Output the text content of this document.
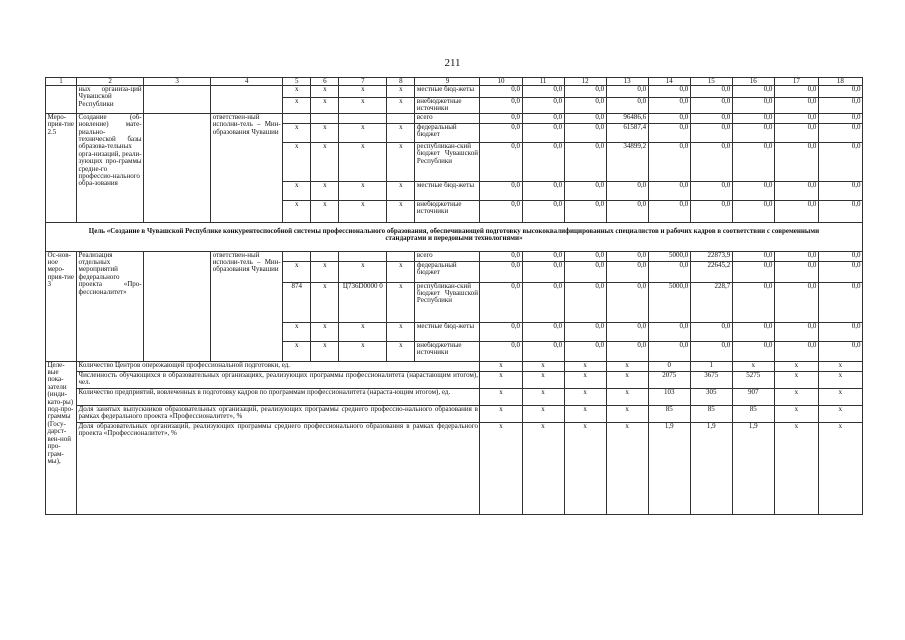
211
1	2	3	4	5	6	7	8	9	10	11	12	13	14	15	16	17	18
	ных организа-ций Чувашской Республики			х	х	х	х	местные бюд-жеты	0,0	0,0	0,0	0,0	0,0	0,0	0,0	0,0	0,0
				х	х	х	х	внебюджетные источники	0,0	0,0	0,0	0,0	0,0	0,0	0,0	0,0	0,0
Меро-прия-тие 2.5	Создание (об-новление) мате-риально-технической базы образова-тельных орга-низаций, реали-зующих про-граммы средне-го профессио-нального обра-зования		ответствен-ный исполни-тель – Мин-образования Чувашии					всего	0,0	0,0	0,0	96486,6	0,0	0,0	0,0	0,0	0,0
				х	х	х	х	федеральный бюджет	0,0	0,0	0,0	61587,4	0,0	0,0	0,0	0,0	0,0
				х	х	х	х	республикан-ский бюджет Чувашской Республики	0,0	0,0	0,0	34899,2	0,0	0,0	0,0	0,0	0,0
				х	х	х	х	местные бюд-жеты	0,0	0,0	0,0	0,0	0,0	0,0	0,0	0,0	0,0
				х	х	х	х	внебюджетные источники	0,0	0,0	0,0	0,0	0,0	0,0	0,0	0,0	0,0
Цель «Создание в Чувашской Республике конкурентоспособной системы профессионального образования, обеспечивающей подготовку высококвалифицированных специалистов и рабочих кадров в соответствии с современными стандартами и передовыми технологиями»																	
Ос-нов-ное меро-прия-тие 3	Реализация отдельных мероприятий федерального проекта «Про-фессионалитет»		ответствен-ный исполни-тель – Мин-образования Чувашии					всего	0,0	0,0	0,0	0,0	5000,0	22873,9	0,0	0,0	0,0
				х	х	х	х	федеральный бюджет	0,0	0,0	0,0	0,0	0,0	22645,2	0,0	0,0	0,0
				874	х	Ц736D0000 0	х	республикан-ский бюджет Чувашской Республики	0,0	0,0	0,0	0,0	5000,0	228,7	0,0	0,0	0,0
				х	х	х	х	местные бюд-жеты	0,0	0,0	0,0	0,0	0,0	0,0	0,0	0,0	0,0
				х	х	х	х	внебюджетные источники	0,0	0,0	0,0	0,0	0,0	0,0	0,0	0,0	0,0
Целе-вые пока-затели (инди-като-ры) под-про-граммы (Госу-дарст-вен-ной про-грам-мы),	Количество Центров опережающей профессиональной подготовки, ед.								х	х	х	х	0	1	х	х	х
	Численность обучающихся в образовательных организациях, реализующих программы профессионалитета (нарастающим итогом), чел.								х	х	х	х	2075	3675	5275	х	х
	Количество предприятий, вовлеченных в подготовку кадров по программам профессионалитета (нараста-ющим итогом), ед.								х	х	х	х	103	305	907	х	х
	Доля занятых выпускников образовательных организаций, реализующих программы среднего профессио-нального образования в рамках федерального проекта «Профессионалитет», %								х	х	х	х	85	85	85	х	х
	Доля образовательных организаций, реализующих программы среднего профессионального образования в рамках федерального проекта «Профессионалитет», %								х	х	х	х	1,9	1,9	1,9	х	х
